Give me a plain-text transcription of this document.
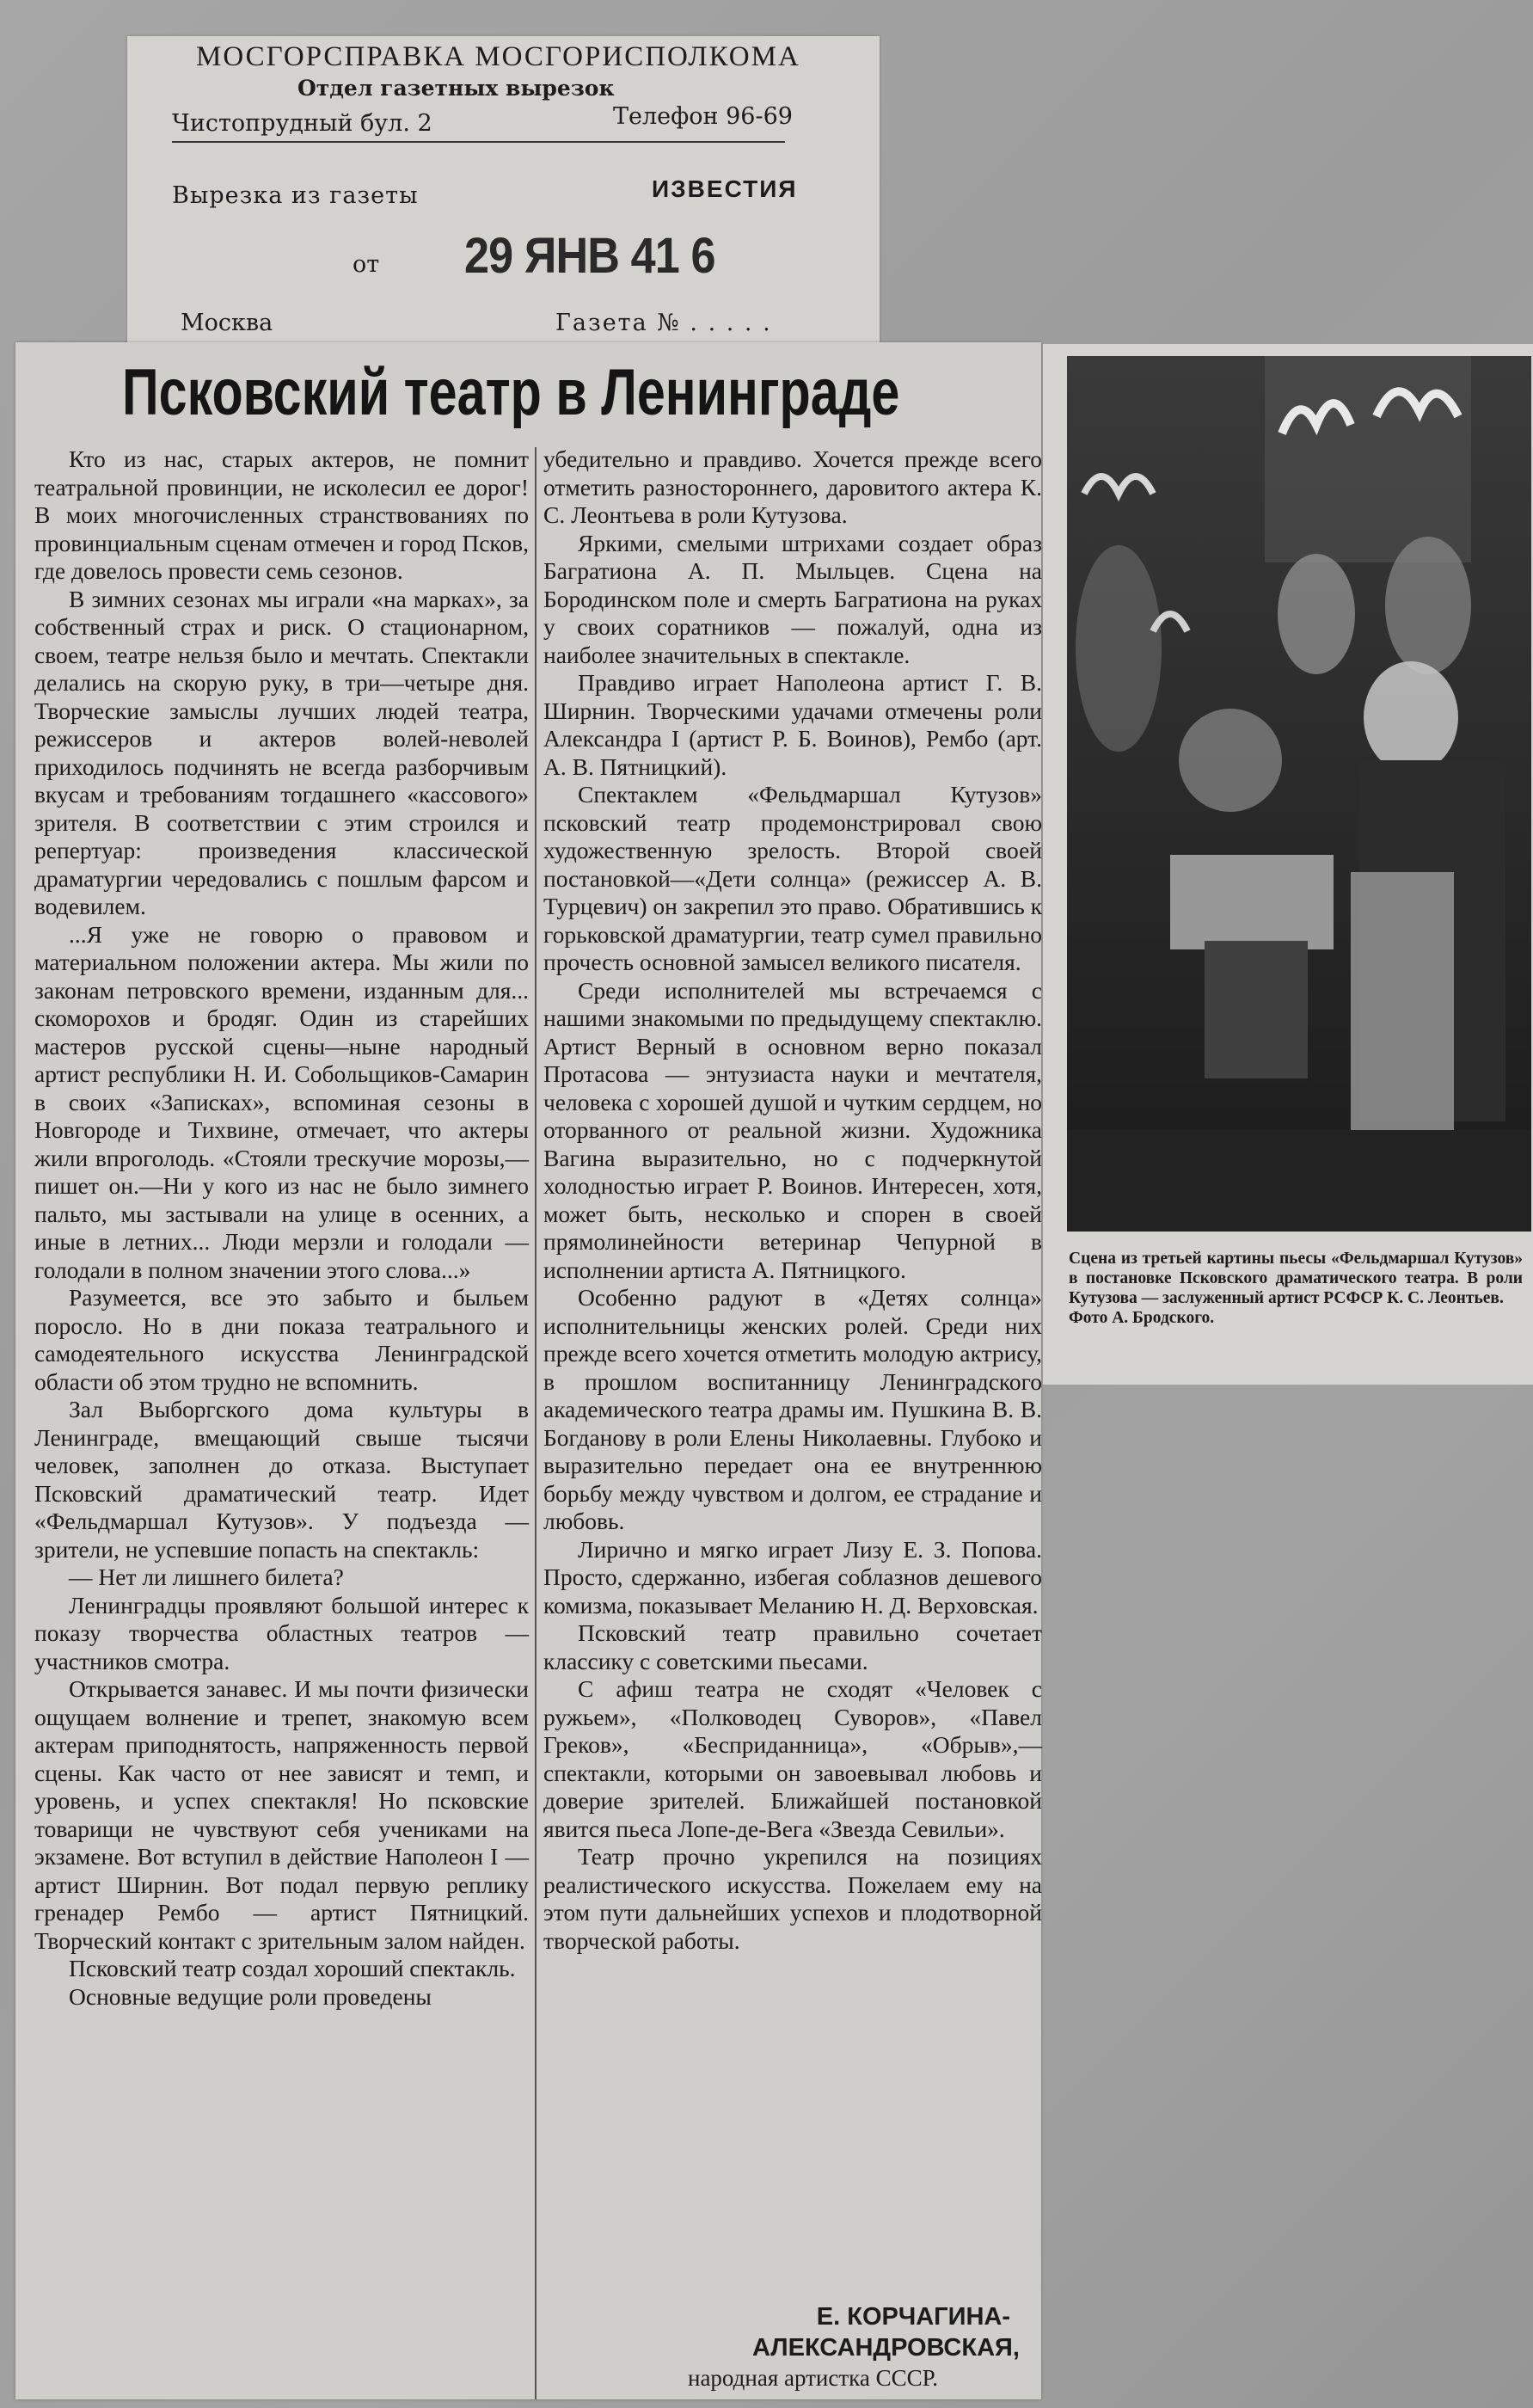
МОСГОРСПРАВКА МОСГОРИСПОЛКОМА
Отдел газетных вырезок
Чистопрудный бул. 2	Телефон 96-69
Вырезка из газеты	ИЗВЕСТИЯ
от 29 ЯНВ 41 6
Москва	Газета № . . . . .
Псковский театр в Ленинграде

Кто из нас, старых актеров, не помнит театральной провинции, не исколесил ее дорог! В моих многочисленных странствованиях по провинциальным сценам отмечен и город Псков, где довелось провести семь сезонов.

В зимних сезонах мы играли «на марках», за собственный страх и риск. О стационарном, своем, театре нельзя было и мечтать. Спектакли делались на скорую руку, в три—четыре дня. Творческие замыслы лучших людей театра, режиссеров и актеров волей-неволей приходилось подчинять не всегда разборчивым вкусам и требованиям тогдашнего «кассового» зрителя. В соответствии с этим строился и репертуар: произведения классической драматургии чередовались с пошлым фарсом и водевилем.

...Я уже не говорю о правовом и материальном положении актера. Мы жили по законам петровского времени, изданным для... скоморохов и бродяг. Один из старейших мастеров русской сцены—ныне народный артист республики Н. И. Собольщиков-Самарин в своих «Записках», вспоминая сезоны в Новгороде и Тихвине, отмечает, что актеры жили впроголодь. «Стояли трескучие морозы,—пишет он.—Ни у кого из нас не было зимнего пальто, мы застывали на улице в осенних, а иные в летних... Люди мерзли и голодали — голодали в полном значении этого слова...»

Разумеется, все это забыто и быльем поросло. Но в дни показа театрального и самодеятельного искусства Ленинградской области об этом трудно не вспомнить.

Зал Выборгского дома культуры в Ленинграде, вмещающий свыше тысячи человек, заполнен до отказа. Выступает Псковский драматический театр. Идет «Фельдмаршал Кутузов». У подъезда — зрители, не успевшие попасть на спектакль:

— Нет ли лишнего билета?

Ленинградцы проявляют большой интерес к показу творчества областных театров — участников смотра.

Открывается занавес. И мы почти физически ощущаем волнение и трепет, знакомую всем актерам приподнятость, напряженность первой сцены. Как часто от нее зависят и темп, и уровень, и успех спектакля! Но псковские товарищи не чувствуют себя учениками на экзамене. Вот вступил в действие Наполеон I — артист Ширнин. Вот подал первую реплику гренадер Рембо — артист Пятницкий. Творческий контакт с зрительным залом найден.

Псковский театр создал хороший спектакль.

Основные ведущие роли проведены

убедительно и правдиво. Хочется прежде всего отметить разностороннего, даровитого актера К. С. Леонтьева в роли Кутузова.

Яркими, смелыми штрихами создает образ Багратиона А. П. Мыльцев. Сцена на Бородинском поле и смерть Багратиона на руках у своих соратников — пожалуй, одна из наиболее значительных в спектакле.

Правдиво играет Наполеона артист Г. В. Ширнин. Творческими удачами отмечены роли Александра I (артист Р. Б. Воинов), Рембо (арт. А. В. Пятницкий).

Спектаклем «Фельдмаршал Кутузов» псковский театр продемонстрировал свою художественную зрелость. Второй своей постановкой—«Дети солнца» (режиссер А. В. Турцевич) он закрепил это право. Обратившись к горьковской драматургии, театр сумел правильно прочесть основной замысел великого писателя.

Среди исполнителей мы встречаемся с нашими знакомыми по предыдущему спектаклю. Артист Верный в основном верно показал Протасова — энтузиаста науки и мечтателя, человека с хорошей душой и чутким сердцем, но оторванного от реальной жизни. Художника Вагина выразительно, но с подчеркнутой холодностью играет Р. Воинов. Интересен, хотя, может быть, несколько и спорен в своей прямолинейности ветеринар Чепурной в исполнении артиста А. Пятницкого.

Особенно радуют в «Детях солнца» исполнительницы женских ролей. Среди них прежде всего хочется отметить молодую актрису, в прошлом воспитанницу Ленинградского академического театра драмы им. Пушкина В. В. Богданову в роли Елены Николаевны. Глубоко и выразительно передает она ее внутреннюю борьбу между чувством и долгом, ее страдание и любовь.

Лирично и мягко играет Лизу Е. З. Попова. Просто, сдержанно, избегая соблазнов дешевого комизма, показывает Меланию Н. Д. Верховская.

Псковский театр правильно сочетает классику с советскими пьесами.

С афиш театра не сходят «Человек с ружьем», «Полководец Суворов», «Павел Греков», «Бесприданница», «Обрыв»,—спектакли, которыми он завоевывал любовь и доверие зрителей. Ближайшей постановкой явится пьеса Лопе-де-Вега «Звезда Севильи».

Театр прочно укрепился на позициях реалистического искусства. Пожелаем ему на этом пути дальнейших успехов и плодотворной творческой работы.

Е. КОРЧАГИНА-
АЛЕКСАНДРОВСКАЯ,
народная артистка СССР.

Сцена из третьей картины пьесы «Фельдмаршал Кутузов» в постановке Псковского драматического театра. В роли Кутузова — заслуженный артист РСФСР К. С. Леонтьев.

Фото А. Бродского.
